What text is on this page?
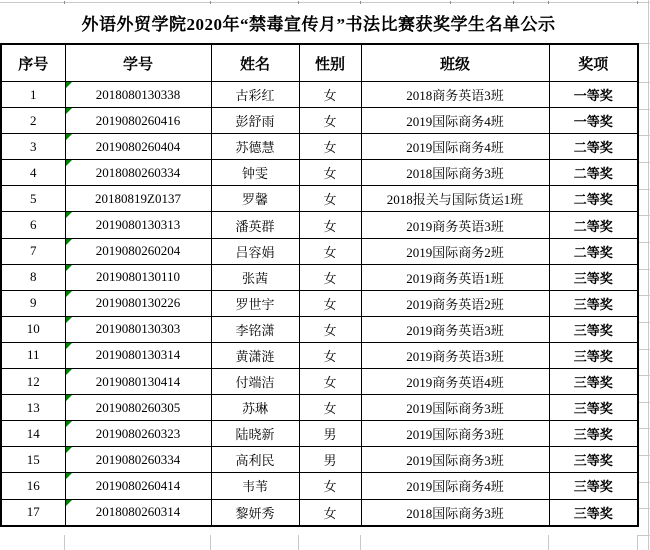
外语外贸学院2020年“禁毒宣传月”书法比赛获奖学生名单公示
序号	学号	姓名	性别	班级	奖项
1	2018080130338	古彩红	女	2018商务英语3班	一等奖
2	2019080260416	彭舒雨	女	2019国际商务4班	一等奖
3	2019080260404	苏德慧	女	2019国际商务4班	二等奖
4	2018080260334	钟雯	女	2018国际商务3班	二等奖
5	20180819Z0137	罗馨	女	2018报关与国际货运1班	二等奖
6	2019080130313	潘英群	女	2019商务英语3班	二等奖
7	2019080260204	吕容娟	女	2019国际商务2班	二等奖
8	2019080130110	张茜	女	2019商务英语1班	三等奖
9	2019080130226	罗世宇	女	2019商务英语2班	三等奖
10	2019080130303	李铭潇	女	2019商务英语3班	三等奖
11	2019080130314	黄潇涟	女	2019商务英语3班	三等奖
12	2019080130414	付端洁	女	2019商务英语4班	三等奖
13	2019080260305	苏琳	女	2019国际商务3班	三等奖
14	2019080260323	陆晓新	男	2019国际商务3班	三等奖
15	2019080260334	高利民	男	2019国际商务3班	三等奖
16	2019080260414	韦苇	女	2019国际商务4班	三等奖
17	2018080260314	黎妍秀	女	2018国际商务3班	三等奖
